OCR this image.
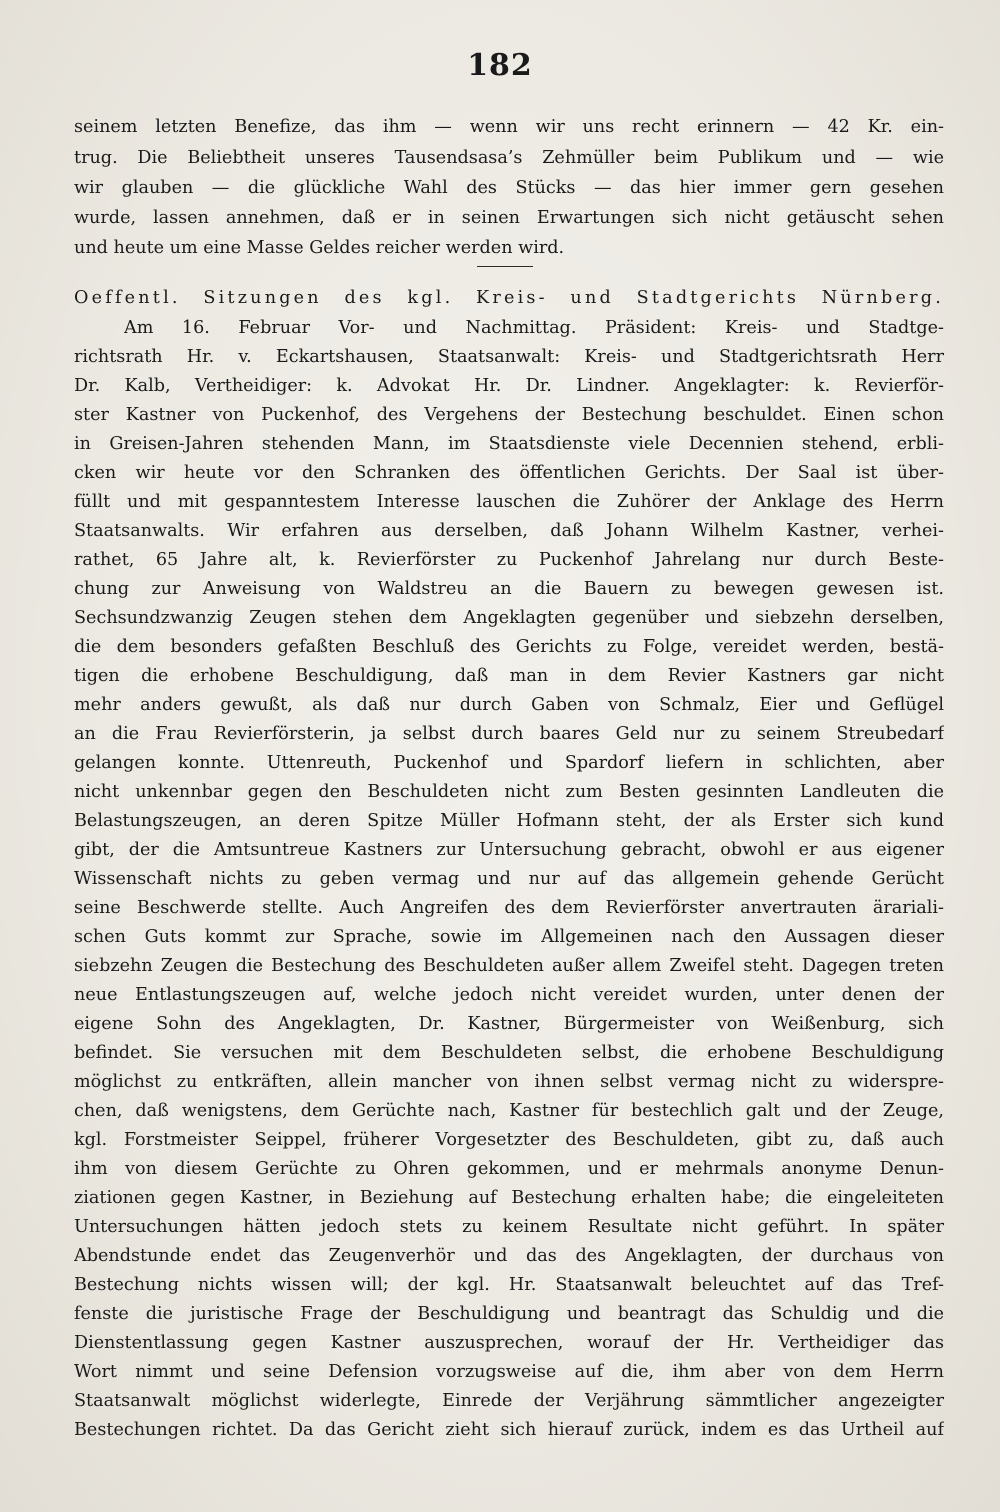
182
seinem letzten Benefize, das ihm — wenn wir uns recht erinnern — 42 Kr. ein-
trug. Die Beliebtheit unseres Tausendsasa’s Zehmüller beim Publikum und — wie
wir glauben — die glückliche Wahl des Stücks — das hier immer gern gesehen
wurde, lassen annehmen, daß er in seinen Erwartungen sich nicht getäuscht sehen
und heute um eine Masse Geldes reicher werden wird.
Oeffentl. Sitzungen des kgl. Kreis- und Stadtgerichts Nürnberg.
Am 16. Februar Vor- und Nachmittag. Präsident: Kreis- und Stadtge-
richtsrath Hr. v. Eckartshausen, Staatsanwalt: Kreis- und Stadtgerichtsrath Herr
Dr. Kalb, Vertheidiger: k. Advokat Hr. Dr. Lindner. Angeklagter: k. Revierför-
ster Kastner von Puckenhof, des Vergehens der Bestechung beschuldet. Einen schon
in Greisen-Jahren stehenden Mann, im Staatsdienste viele Decennien stehend, erbli-
cken wir heute vor den Schranken des öffentlichen Gerichts. Der Saal ist über-
füllt und mit gespanntestem Interesse lauschen die Zuhörer der Anklage des Herrn
Staatsanwalts. Wir erfahren aus derselben, daß Johann Wilhelm Kastner, verhei-
rathet, 65 Jahre alt, k. Revierförster zu Puckenhof Jahrelang nur durch Beste-
chung zur Anweisung von Waldstreu an die Bauern zu bewegen gewesen ist.
Sechsundzwanzig Zeugen stehen dem Angeklagten gegenüber und siebzehn derselben,
die dem besonders gefaßten Beschluß des Gerichts zu Folge, vereidet werden, bestä-
tigen die erhobene Beschuldigung, daß man in dem Revier Kastners gar nicht
mehr anders gewußt, als daß nur durch Gaben von Schmalz, Eier und Geflügel
an die Frau Revierförsterin, ja selbst durch baares Geld nur zu seinem Streubedarf
gelangen konnte. Uttenreuth, Puckenhof und Spardorf liefern in schlichten, aber
nicht unkennbar gegen den Beschuldeten nicht zum Besten gesinnten Landleuten die
Belastungszeugen, an deren Spitze Müller Hofmann steht, der als Erster sich kund
gibt, der die Amtsuntreue Kastners zur Untersuchung gebracht, obwohl er aus eigener
Wissenschaft nichts zu geben vermag und nur auf das allgemein gehende Gerücht
seine Beschwerde stellte. Auch Angreifen des dem Revierförster anvertrauten ärariali-
schen Guts kommt zur Sprache, sowie im Allgemeinen nach den Aussagen dieser
siebzehn Zeugen die Bestechung des Beschuldeten außer allem Zweifel steht. Dagegen treten
neue Entlastungszeugen auf, welche jedoch nicht vereidet wurden, unter denen der
eigene Sohn des Angeklagten, Dr. Kastner, Bürgermeister von Weißenburg, sich
befindet. Sie versuchen mit dem Beschuldeten selbst, die erhobene Beschuldigung
möglichst zu entkräften, allein mancher von ihnen selbst vermag nicht zu widerspre-
chen, daß wenigstens, dem Gerüchte nach, Kastner für bestechlich galt und der Zeuge,
kgl. Forstmeister Seippel, früherer Vorgesetzter des Beschuldeten, gibt zu, daß auch
ihm von diesem Gerüchte zu Ohren gekommen, und er mehrmals anonyme Denun-
ziationen gegen Kastner, in Beziehung auf Bestechung erhalten habe; die eingeleiteten
Untersuchungen hätten jedoch stets zu keinem Resultate nicht geführt. In später
Abendstunde endet das Zeugenverhör und das des Angeklagten, der durchaus von
Bestechung nichts wissen will; der kgl. Hr. Staatsanwalt beleuchtet auf das Tref-
fenste die juristische Frage der Beschuldigung und beantragt das Schuldig und die
Dienstentlassung gegen Kastner auszusprechen, worauf der Hr. Vertheidiger das
Wort nimmt und seine Defension vorzugsweise auf die, ihm aber von dem Herrn
Staatsanwalt möglichst widerlegte, Einrede der Verjährung sämmtlicher angezeigter
Bestechungen richtet. Da das Gericht zieht sich hierauf zurück, indem es das Urtheil auf
